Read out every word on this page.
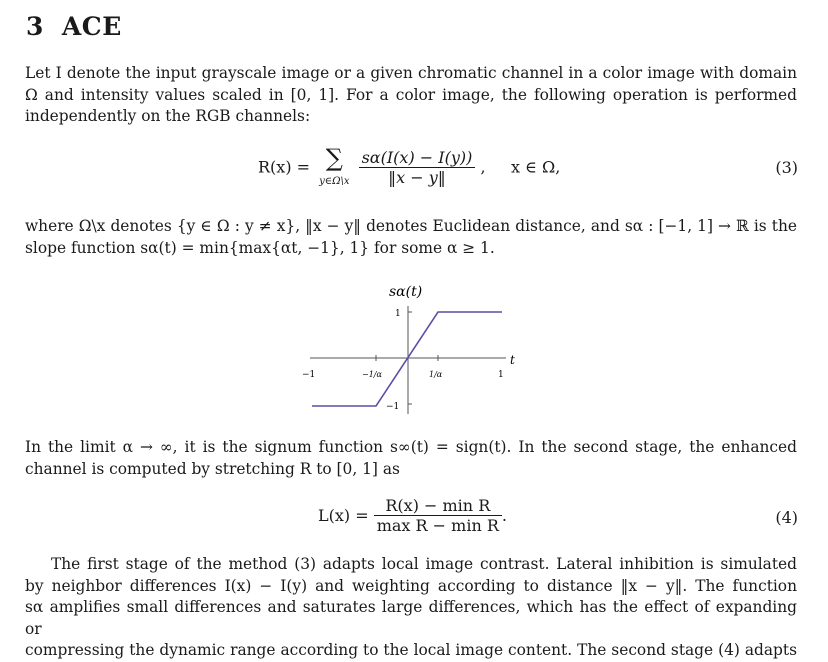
3 ACE
Let I denote the input grayscale image or a given chromatic channel in a color image with domain
Ω and intensity values scaled in [0, 1]. For a color image, the following operation is performed
independently on the RGB channels:
R(x) = ∑
y∈Ω\x
$\frac{s\alpha(I(x) - I(y))}{‖x - y‖}$ ,     x ∈ Ω,	(3)
where Ω\x denotes {y ∈ Ω : y ≠ x}, ‖x − y‖ denotes Euclidean distance, and sα : [−1, 1] → ℝ is the
slope function sα(t) = min{max{αt, −1}, 1} for some α ≥ 1.
sα(t)
t
1
−1
−1	1
−1/α	1/α
In the limit α → ∞, it is the signum function s∞(t) = sign(t). In the second stage, the enhanced
channel is computed by stretching R to [0, 1] as
$L(x) = \frac{\text{R(x) − min R}}{\text{max R − min R}}$ .	(4)
The first stage of the method (3) adapts local image contrast. Lateral inhibition is simulated
by neighbor differences I(x) − I(y) and weighting according to distance ‖x − y‖. The function
sα amplifies small differences and saturates large differences, which has the effect of expanding or
compressing the dynamic range according to the local image content. The second stage (4) adapts
